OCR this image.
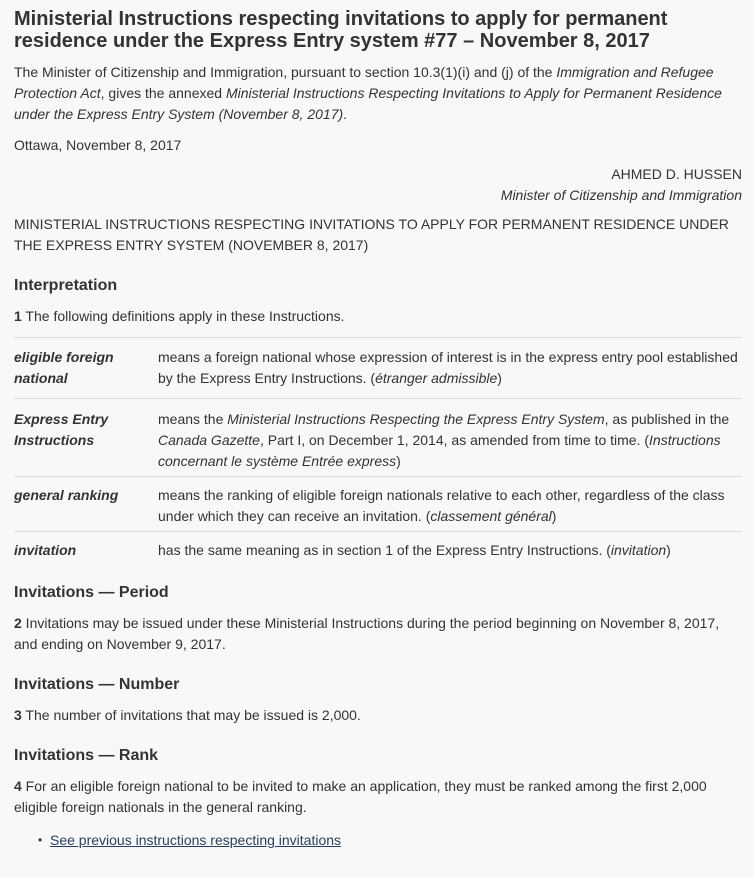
Ministerial Instructions respecting invitations to apply for permanent residence under the Express Entry system #77 – November 8, 2017

The Minister of Citizenship and Immigration, pursuant to section 10.3(1)(i) and (j) of the Immigration and Refugee Protection Act, gives the annexed Ministerial Instructions Respecting Invitations to Apply for Permanent Residence under the Express Entry System (November 8, 2017).

Ottawa, November 8, 2017

AHMED D. HUSSEN
Minister of Citizenship and Immigration

MINISTERIAL INSTRUCTIONS RESPECTING INVITATIONS TO APPLY FOR PERMANENT RESIDENCE UNDER THE EXPRESS ENTRY SYSTEM (NOVEMBER 8, 2017)

Interpretation

1 The following definitions apply in these Instructions.

eligible foreign national	means a foreign national whose expression of interest is in the express entry pool established by the Express Entry Instructions. (étranger admissible)
Express Entry Instructions	means the Ministerial Instructions Respecting the Express Entry System, as published in the Canada Gazette, Part I, on December 1, 2014, as amended from time to time. (Instructions concernant le système Entrée express)
general ranking	means the ranking of eligible foreign nationals relative to each other, regardless of the class under which they can receive an invitation. (classement général)
invitation	has the same meaning as in section 1 of the Express Entry Instructions. (invitation)
Invitations — Period

2 Invitations may be issued under these Ministerial Instructions during the period beginning on November 8, 2017, and ending on November 9, 2017.

Invitations — Number

3 The number of invitations that may be issued is 2,000.

Invitations — Rank

4 For an eligible foreign national to be invited to make an application, they must be ranked among the first 2,000 eligible foreign nationals in the general ranking.

• See previous instructions respecting invitations
